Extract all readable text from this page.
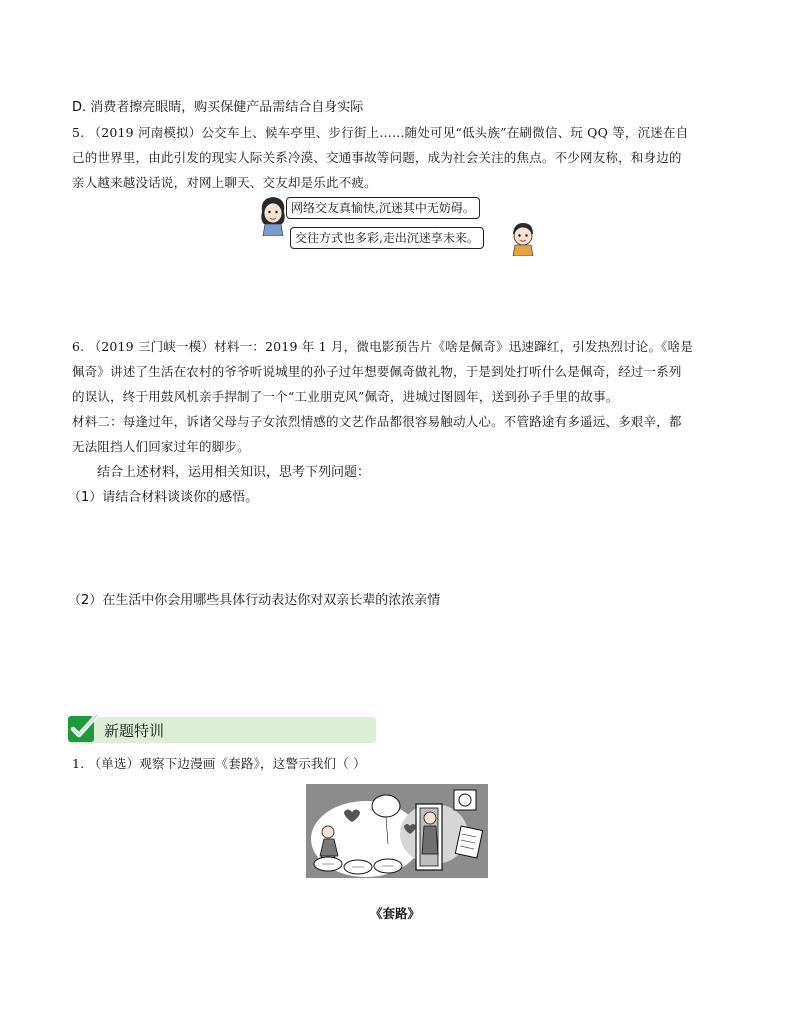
D. 消费者擦亮眼睛，购买保健产品需结合自身实际
5. （2019 河南模拟）公交车上、候车亭里、步行街上……随处可见“低头族”在刷微信、玩 QQ 等，沉迷在自
己的世界里，由此引发的现实人际关系冷漠、交通事故等问题，成为社会关注的焦点。不少网友称，和身边的
亲人越来越没话说，对网上聊天、交友却是乐此不疲。
网络交友真愉快,沉迷其中无妨碍。
交往方式也多彩,走出沉迷享未来。
6. （2019 三门峡一模）材料一：2019 年 1 月，微电影预告片《啥是佩奇》迅速蹿红，引发热烈讨论。《啥是
佩奇》讲述了生活在农村的爷爷听说城里的孙子过年想要佩奇做礼物，于是到处打听什么是佩奇，经过一系列
的误认，终于用鼓风机亲手捍制了一个“工业朋克风”佩奇，进城过图圆年，送到孙子手里的故事。
材料二：每逢过年，诉诸父母与子女浓烈情感的文艺作品都很容易触动人心。不管路途有多遥远、多艰辛，都
无法阻挡人们回家过年的脚步。
结合上述材料，运用相关知识，思考下列问题：
（1）请结合材料谈谈你的感悟。
（2）在生活中你会用哪些具体行动表达你对双亲长辈的浓浓亲情
新题特训
1. （单选）观察下边漫画《套路》，这警示我们（ ）
《套路》
